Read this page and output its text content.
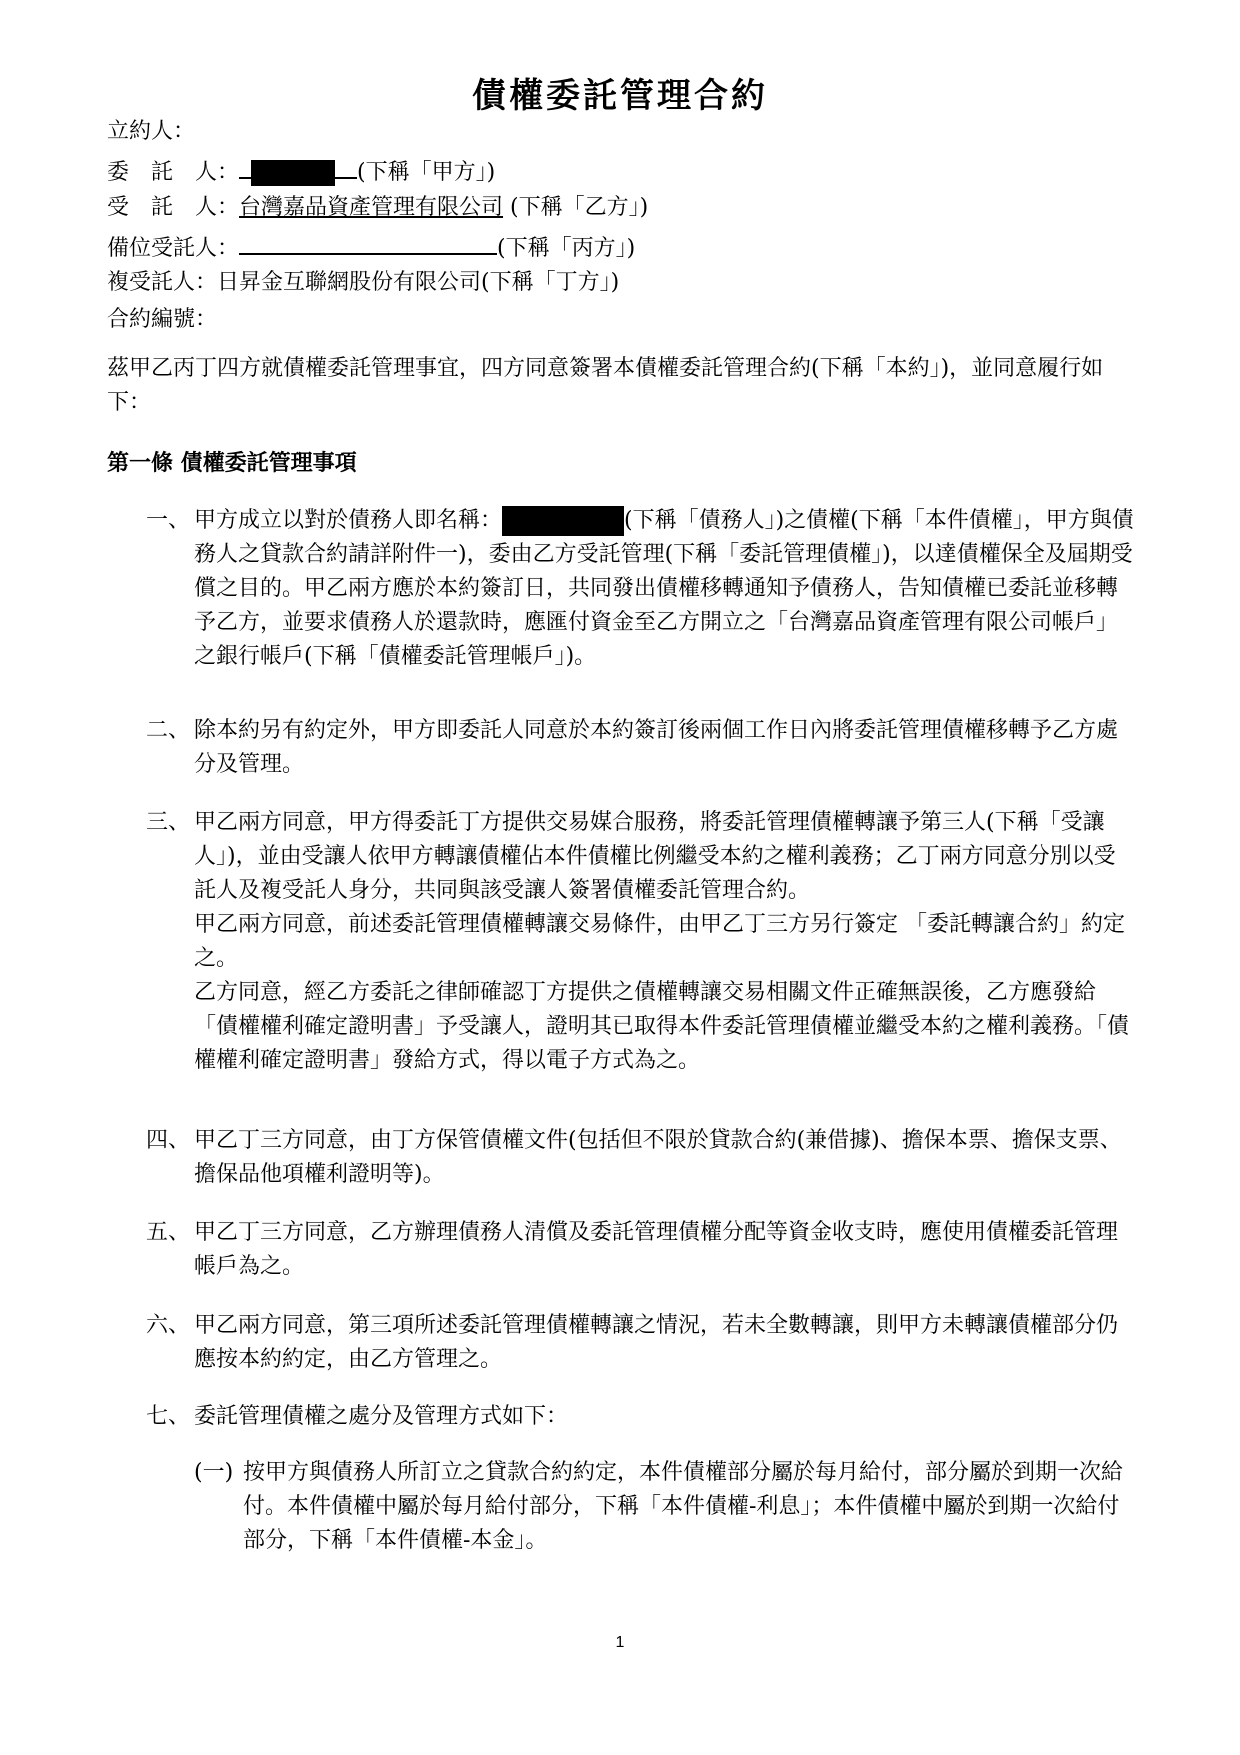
債權委託管理合約
立約人：
委　託　人：	(下稱「甲方」)
受　託　人：台灣嘉品資產管理有限公司 (下稱「乙方」)
備位受託人：	(下稱「丙方」)
複受託人：日昇金互聯網股份有限公司(下稱「丁方」)
合約編號：
茲甲乙丙丁四方就債權委託管理事宜，四方同意簽署本債權委託管理合約(下稱「本約」)，並同意履行如下：
第一條 債權委託管理事項
一、 甲方成立以對於債務人即名稱：	(下稱「債務人」)之債權(下稱「本件債權」，甲方與債務人之貸款合約請詳附件一)，委由乙方受託管理(下稱「委託管理債權」)，以達債權保全及屆期受償之目的。甲乙兩方應於本約簽訂日，共同發出債權移轉通知予債務人，告知債權已委託並移轉予乙方，並要求債務人於還款時，應匯付資金至乙方開立之「台灣嘉品資產管理有限公司帳戶」之銀行帳戶(下稱「債權委託管理帳戶」)。
二、 除本約另有約定外，甲方即委託人同意於本約簽訂後兩個工作日內將委託管理債權移轉予乙方處分及管理。
三、 甲乙兩方同意，甲方得委託丁方提供交易媒合服務，將委託管理債權轉讓予第三人(下稱「受讓人」)，並由受讓人依甲方轉讓債權佔本件債權比例繼受本約之權利義務；乙丁兩方同意分別以受託人及複受託人身分，共同與該受讓人簽署債權委託管理合約。
甲乙兩方同意，前述委託管理債權轉讓交易條件，由甲乙丁三方另行簽定 「委託轉讓合約」約定之。
乙方同意，經乙方委託之律師確認丁方提供之債權轉讓交易相關文件正確無誤後，乙方應發給「債權權利確定證明書」予受讓人，證明其已取得本件委託管理債權並繼受本約之權利義務。「債權權利確定證明書」發給方式，得以電子方式為之。
四、 甲乙丁三方同意，由丁方保管債權文件(包括但不限於貸款合約(兼借據)、擔保本票、擔保支票、擔保品他項權利證明等)。
五、 甲乙丁三方同意，乙方辦理債務人清償及委託管理債權分配等資金收支時，應使用債權委託管理帳戶為之。
六、 甲乙兩方同意，第三項所述委託管理債權轉讓之情況，若未全數轉讓，則甲方未轉讓債權部分仍應按本約約定，由乙方管理之。
七、 委託管理債權之處分及管理方式如下：
(一) 按甲方與債務人所訂立之貸款合約約定，本件債權部分屬於每月給付，部分屬於到期一次給付。本件債權中屬於每月給付部分，下稱「本件債權-利息」；本件債權中屬於到期一次給付部分，下稱「本件債權-本金」。
1
